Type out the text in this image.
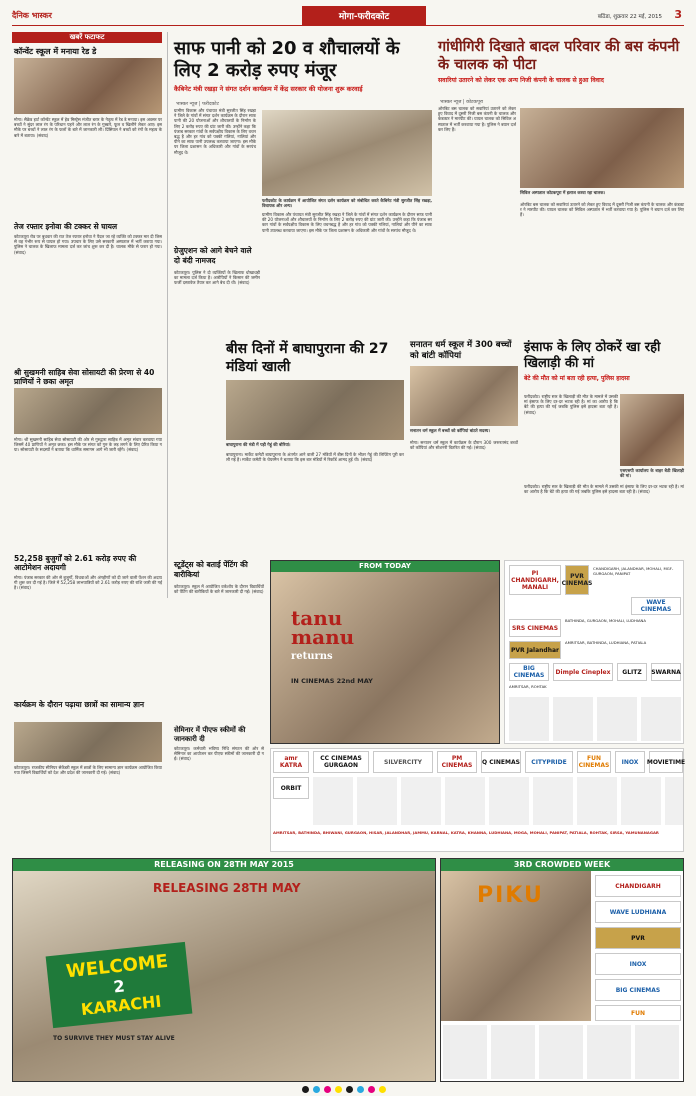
दैनिक भास्कर	मोगा-फरीदकोट	बठिंडा, शुक्रवार 22 मई, 2015 3
खबरें फटाफट
कॉन्वेंट स्कूल में मनाया रेड डे
मोगा। सैक्रेड हार्ट कॉन्वेंट स्कूल में हेड मिस्ट्रेस मंजीत बरार के नेतृत्व में रेड डे मनाया। इस अवसर पर बच्चों ने सुंदर लाल रंग के परिधान पहने और लाल रंग के गुब्बारे, फूल व खिलौने लेकर आए। इस मौके पर बच्चों ने लाल रंग के फलों के बारे में जानकारी ली। प्रिंसिपल ने बच्चों को रंगों के महत्व के बारे में बताया। (संवाद)
तेज रफ्तार इनोवा की टक्कर से घायल
कोटकपूरा रोड पर बुधवार की रात तेज रफ्तार इनोवा ने पैदल जा रहे व्यक्ति को टक्कर मार दी जिससे वह गंभीर रूप से घायल हो गया। उपचार के लिए उसे सरकारी अस्पताल में भर्ती कराया गया। पुलिस ने चालक के खिलाफ मामला दर्ज कर जांच शुरू कर दी है। चालक मौके से फरार हो गया। (संवाद)
श्री सुखमनी साहिब सेवा सोसायटी की प्रेरणा से 40 प्राणियों ने छका अमृत
मोगा। श्री सुखमनी साहिब सेवा सोसायटी की ओर से गुरुद्वारा साहिब में अमृत संचार करवाया गया जिसमें 40 प्राणियों ने अमृत छका। इस मौके पर संगत को गुरु के लड़ लगने के लिए प्रेरित किया गया। सोसायटी के सदस्यों ने बताया कि धार्मिक समागम आगे भी जारी रहेंगे। (संवाद)
52,258 बुजुर्गों को 2.61 करोड़ रुपए की आटोमेशन अदायगी
मोगा। पंजाब सरकार की ओर से बुजुर्गों, विधवाओं और अंगहीणों को दी जाने वाली पेंशन की अदायगी शुरू कर दी गई है। जिले में 52,258 लाभपात्रियों को 2.61 करोड़ रुपए की राशि जारी की गई है। (संवाद)
कार्यक्रम के दौरान पढ़ाया छात्रों का सामान्य ज्ञान
कोटकपूरा। राजकीय सीनियर सेकेंडरी स्कूल में छात्रों के लिए सामान्य ज्ञान कार्यक्रम आयोजित किया गया जिसमें विद्यार्थियों को देश और प्रदेश की जानकारी दी गई। (संवाद)
साफ पानी को 20 व शौचालयों के लिए 2 करोड़ रुपए मंजूर
कैबिनेट मंत्री रखड़ा ने संगत दर्शन कार्यक्रम में केंद्र सरकार की योजना शुरू करवाई
भास्कर न्यूज | फरीदकोट
ग्रामीण विकास और पंचायत मंत्री सुरजीत सिंह रखड़ा ने जिले के गांवों में संगत दर्शन कार्यक्रम के दौरान साफ पानी की 20 योजनाओं और शौचालयों के निर्माण के लिए 2 करोड़ रुपए की ग्रांट जारी की। उन्होंने कहा कि पंजाब सरकार गांवों के सर्वपक्षीय विकास के लिए वचनबद्ध है और हर गांव को पक्की गलियां, नालियां और पीने का साफ पानी उपलब्ध करवाया जाएगा। इस मौके पर जिला प्रशासन के अधिकारी और गांवों के सरपंच मौजूद थे।
फरीदकोट के कार्यक्रम में आयोजित संगत दर्शन कार्यक्रम को संबोधित करते कैबिनेट मंत्री सुरजीत सिंह रखड़ा, विधायक और अन्य।
ग्रामीण विकास और पंचायत मंत्री सुरजीत सिंह रखड़ा ने जिले के गांवों में संगत दर्शन कार्यक्रम के दौरान साफ पानी की 20 योजनाओं और शौचालयों के निर्माण के लिए 2 करोड़ रुपए की ग्रांट जारी की। उन्होंने कहा कि पंजाब सरकार गांवों के सर्वपक्षीय विकास के लिए वचनबद्ध है और हर गांव को पक्की गलियां, नालियां और पीने का साफ पानी उपलब्ध करवाया जाएगा। इस मौके पर जिला प्रशासन के अधिकारी और गांवों के सरपंच मौजूद थे।
गांधीगिरी दिखाते बादल परिवार की बस कंपनी के चालक को पीटा
सवारियां उतारने को लेकर एक अन्य निजी कंपनी के चालक से हुआ विवाद
भास्कर न्यूज | कोटकपूरा
ओरबिट बस चालक को सवारियां उतारने को लेकर हुए विवाद में दूसरी निजी बस कंपनी के चालक और कंडक्टर ने मारपीट की। घायल चालक को सिविल अस्पताल में भर्ती करवाया गया है। पुलिस ने बयान दर्ज कर लिए हैं।
सिविल अस्पताल कोटकपूरा में इलाज करवा रहा चालक।
ओरबिट बस चालक को सवारियां उतारने को लेकर हुए विवाद में दूसरी निजी बस कंपनी के चालक और कंडक्टर ने मारपीट की। घायल चालक को सिविल अस्पताल में भर्ती करवाया गया है। पुलिस ने बयान दर्ज कर लिए हैं।
ग्रेजुएशन को आगे बेचने वाले दो बंदी नामजद
कोटकपूरा। पुलिस ने दो व्यक्तियों के खिलाफ धोखाधड़ी का मामला दर्ज किया है। आरोपियों ने किसान की जमीन फर्जी दस्तावेज तैयार कर आगे बेच दी थी। (संवाद)
बीस दिनों में बाघापुराना की 27 मंडियां खाली
बाघापुराना की मंडी में पड़ी गेहूं की बोरियां।
बाघापुराना। मार्केट कमेटी बाघापुराना के अंतर्गत आने वाली 27 मंडियों में बीस दिनों के भीतर गेहूं की लिफ्टिंग पूरी कर ली गई है। मार्केट कमेटी के चेयरमैन ने बताया कि इस बार मंडियों में रिकॉर्ड आमद हुई थी। (संवाद)
सनातन धर्म स्कूल में 300 बच्चों को बांटी कॉपियां
सनातन धर्म स्कूल में बच्चों को कॉपियां बांटते सदस्य।
मोगा। सनातन धर्म स्कूल में कार्यक्रम के दौरान 300 जरूरतमंद बच्चों को कॉपियां और स्टेशनरी वितरित की गई। (संवाद)
इंसाफ के लिए ठोकरें खा रही खिलाड़ी की मां
बेटे की मौत को मां बता रही हत्या, पुलिस हादसा
फरीदकोट। राष्ट्रीय स्तर के खिलाड़ी की मौत के मामले में उसकी मां इंसाफ के लिए दर-दर भटक रही है। मां का आरोप है कि बेटे की हत्या की गई जबकि पुलिस इसे हादसा बता रही है। (संवाद)
एसएसपी कार्यालय के बाहर बैठी खिलाड़ी की मां।
फरीदकोट। राष्ट्रीय स्तर के खिलाड़ी की मौत के मामले में उसकी मां इंसाफ के लिए दर-दर भटक रही है। मां का आरोप है कि बेटे की हत्या की गई जबकि पुलिस इसे हादसा बता रही है। (संवाद)
स्टूडेंट्स को बताई पेंटिंग की बारीकियां
कोटकपूरा। स्कूल में आयोजित वर्कशॉप के दौरान विद्यार्थियों को पेंटिंग की बारीकियों के बारे में जानकारी दी गई। (संवाद)
सेमिनार में पीएफ स्कीमों की जानकारी दी
कोटकपूरा। कर्मचारी भविष्य निधि संगठन की ओर से सेमिनार का आयोजन कर पीएफ स्कीमों की जानकारी दी गई। (संवाद)
FROM TODAY
tanu
manu
returns
IN CINEMAS 22nd MAY
PI CHANDIGARH, MANALI
PVR CINEMAS
CHANDIGARH, JALANDHAR, MOHALI, MGF-GURGAON, PANIPAT
WAVE CINEMAS
SRS CINEMAS
BATHINDA, GURGAON, MOHALI, LUDHIANA
PVR Jalandhar
AMRITSAR, BATHINDA, LUDHIANA, PATIALA
BIG CINEMAS	Dimple Cineplex	GLITZ	SWARNA
AMRITSAR, ROHTAK
amr KATRA
CC CINEMAS GURGAON	SILVERCITY	PM CINEMAS	Q CINEMAS	CITYPRIDE	FUN CINEMAS	INOX	MOVIETIME
ORBIT
AMRITSAR, BATHINDA, BHIWANI, GURGAON, HISAR, JALANDHAR, JAMMU, KARNAL, KATRA, KHANNA, LUDHIANA, MOGA, MOHALI, PANIPAT, PATIALA, ROHTAK, SIRSA, YAMUNANAGAR
RELEASING ON 28TH MAY 2015
RELEASING 28TH MAY
WELCOME
2
KARACHI
TO SURVIVE THEY MUST STAY ALIVE
3RD CROWDED WEEK
PIKU	CHANDIGARH
WAVE LUDHIANA
PVR
INOX
BIG CINEMAS
FUN
